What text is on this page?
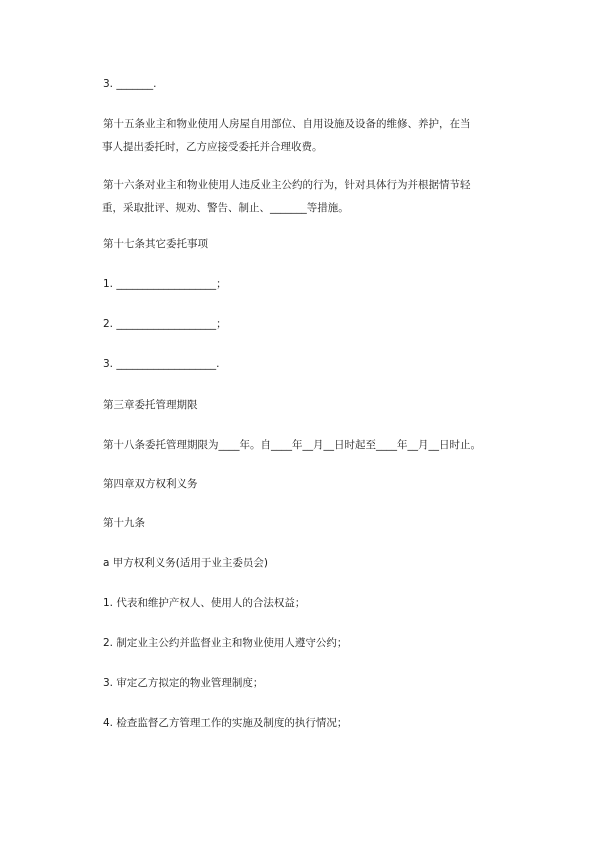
3. _______.
第十五条业主和物业使用人房屋自用部位、自用设施及设备的维修、养护，在当
事人提出委托时，乙方应接受委托并合理收费。
第十六条对业主和物业使用人违反业主公约的行为，针对具体行为并根据情节轻
重，采取批评、规劝、警告、制止、_______等措施。
第十七条其它委托事项
1. ___________________；
2. ___________________；
3. ___________________.
第三章委托管理期限
第十八条委托管理期限为____年。自____年__月__日时起至____年__月__日时止。
第四章双方权利义务
第十九条
a 甲方权利义务(适用于业主委员会)
1. 代表和维护产权人、使用人的合法权益；
2. 制定业主公约并监督业主和物业使用人遵守公约；
3. 审定乙方拟定的物业管理制度；
4. 检查监督乙方管理工作的实施及制度的执行情况；
